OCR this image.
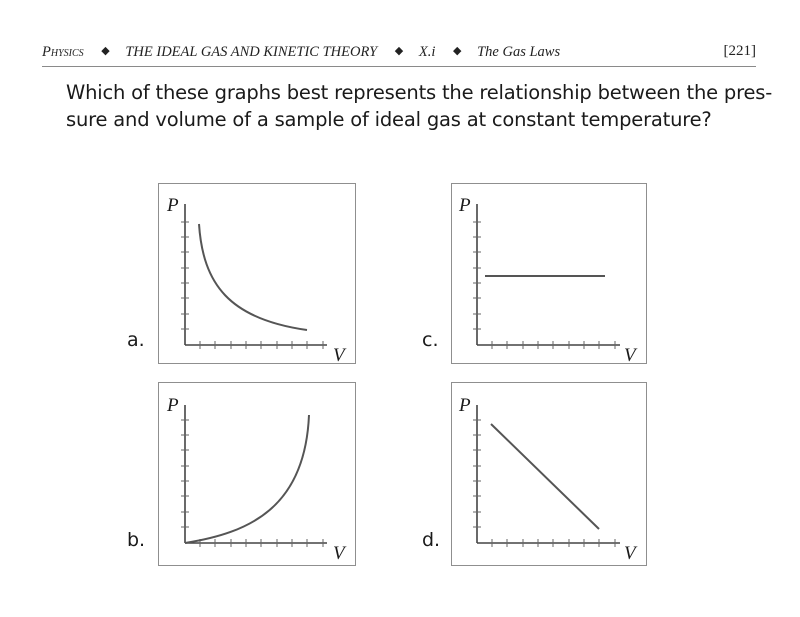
Physics ◆ THE IDEAL GAS AND KINETIC THEORY ◆ X.i ◆ The Gas Laws	[221]
Which of these graphs best represents the relationship between the pres-
sure and volume of a sample of ideal gas at constant temperature?
a.
P
V
c.
P
V
b.
P
V
d.
P
V
